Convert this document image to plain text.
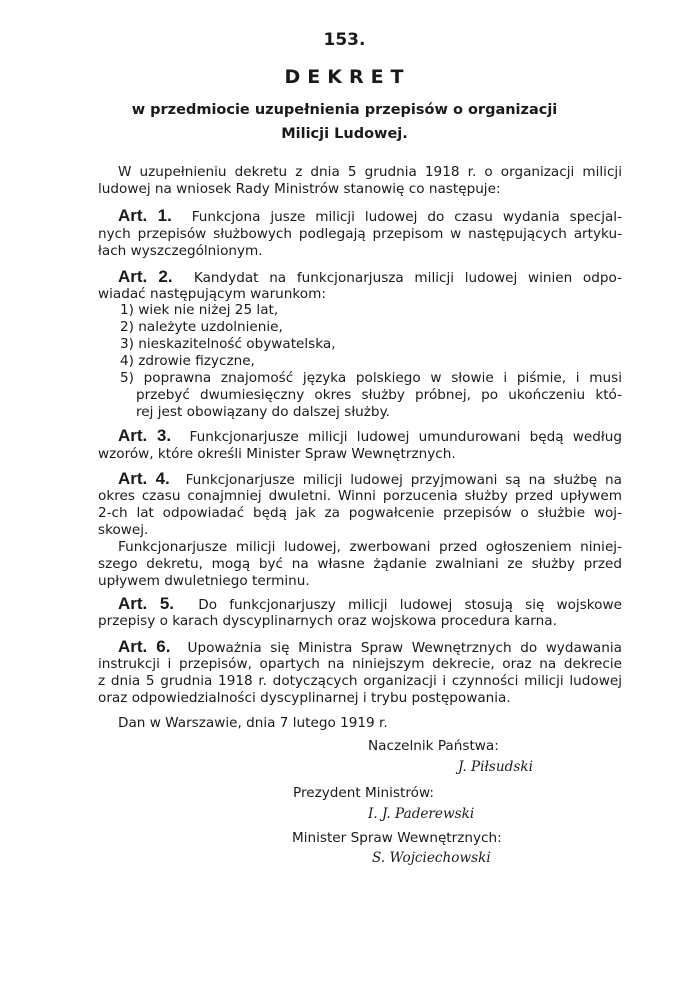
153.
DEKRET
w przedmiocie uzupełnienia przepisów o organizacji
Milicji Ludowej.
W uzupełnieniu dekretu z dnia 5 grudnia 1918 r. o organizacji milicji
ludowej na wniosek Rady Ministrów stanowię co następuje:
Art. 1. Funkcjona jusze milicji ludowej do czasu wydania specjal-
nych przepisów służbowych podlegają przepisom w następujących artyku-
łach wyszczególnionym.
Art. 2. Kandydat na funkcjonarjusza milicji ludowej winien odpo-
wiadać następującym warunkom:
1) wiek nie niżej 25 lat,
2) należyte uzdolnienie,
3) nieskazitelność obywatelska,
4) zdrowie fizyczne,
5) poprawna znajomość języka polskiego w słowie i piśmie, i musi
przebyć dwumiesięczny okres służby próbnej, po ukończeniu któ-
rej jest obowiązany do dalszej służby.
Art. 3. Funkcjonarjusze milicji ludowej umundurowani będą według
wzorów, które określi Minister Spraw Wewnętrznych.
Art. 4. Funkcjonarjusze milicji ludowej przyjmowani są na służbę na
okres czasu conajmniej dwuletni. Winni porzucenia służby przed upływem
2-ch lat odpowiadać będą jak za pogwałcenie przepisów o służbie woj-
skowej.
Funkcjonarjusze milicji ludowej, zwerbowani przed ogłoszeniem niniej-
szego dekretu, mogą być na własne żądanie zwalniani ze służby przed
upływem dwuletniego terminu.
Art. 5. Do funkcjonarjuszy milicji ludowej stosują się wojskowe
przepisy o karach dyscyplinarnych oraz wojskowa procedura karna.
Art. 6. Upoważnia się Ministra Spraw Wewnętrznych do wydawania
instrukcji i przepisów, opartych na niniejszym dekrecie, oraz na dekrecie
z dnia 5 grudnia 1918 r. dotyczących organizacji i czynności milicji ludowej
oraz odpowiedzialności dyscyplinarnej i trybu postępowania.
Dan w Warszawie, dnia 7 lutego 1919 r.
Naczelnik Państwa:
J. Piłsudski
Prezydent Ministrów:
I. J. Paderewski
Minister Spraw Wewnętrznych:
S. Wojciechowski
